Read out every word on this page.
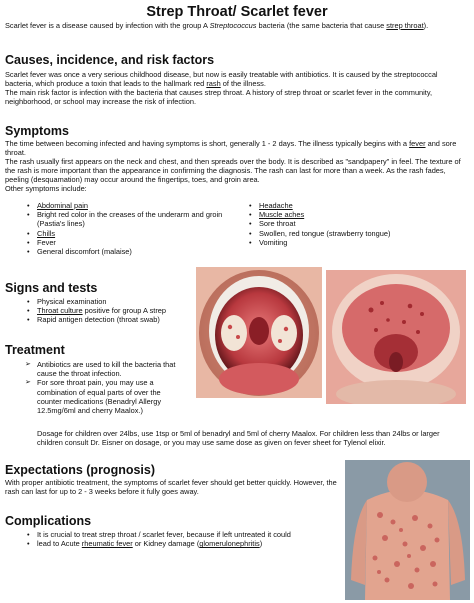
Strep Throat/ Scarlet fever
Scarlet fever is a disease caused by infection with the group A Streptococcus bacteria (the same bacteria that cause strep throat).
Causes, incidence, and risk factors
Scarlet fever was once a very serious childhood disease, but now is easily treatable with antibiotics. It is caused by the streptococcal bacteria, which produce a toxin that leads to the hallmark red rash of the illness.
The main risk factor is infection with the bacteria that causes strep throat. A history of strep throat or scarlet fever in the community, neighborhood, or school may increase the risk of infection.
Symptoms
The time between becoming infected and having symptoms is short, generally 1 - 2 days. The illness typically begins with a fever and sore throat.
The rash usually first appears on the neck and chest, and then spreads over the body. It is described as "sandpapery" in feel. The texture of the rash is more important than the appearance in confirming the diagnosis. The rash can last for more than a week. As the rash fades, peeling (desquamation) may occur around the fingertips, toes, and groin area.
Other symptoms include:
• Abdominal pain
• Bright red color in the creases of the underarm and groin (Pastia's lines)
• Chills
• Fever
• General discomfort (malaise)
• Headache
• Muscle aches
• Sore throat
• Swollen, red tongue (strawberry tongue)
• Vomiting
Signs and tests
• Physical examination
• Throat culture positive for group A strep
• Rapid antigen detection (throat swab)
Treatment
➢ Antibiotics are used to kill the bacteria that cause the throat infection.
➢ For sore throat pain, you may use a combination of equal parts of over the counter medications (Benadryl Allergy 12.5mg/6ml and cherry Maalox.)
Dosage for children over 24lbs, use 1tsp or 5ml of benadryl and 5ml of cherry Maalox. For children less than 24lbs or larger children consult Dr. Eisner on dosage, or you may use same dose as given on fever sheet for Tylenol elixir.
Expectations (prognosis)
With proper antibiotic treatment, the symptoms of scarlet fever should get better quickly. However, the rash can last for up to 2 - 3 weeks before it fully goes away.
Complications
• It is crucial to treat strep throat / scarlet fever, because if left untreated it could
• lead to Acute rheumatic fever or Kidney damage (glomerulonephritis)
